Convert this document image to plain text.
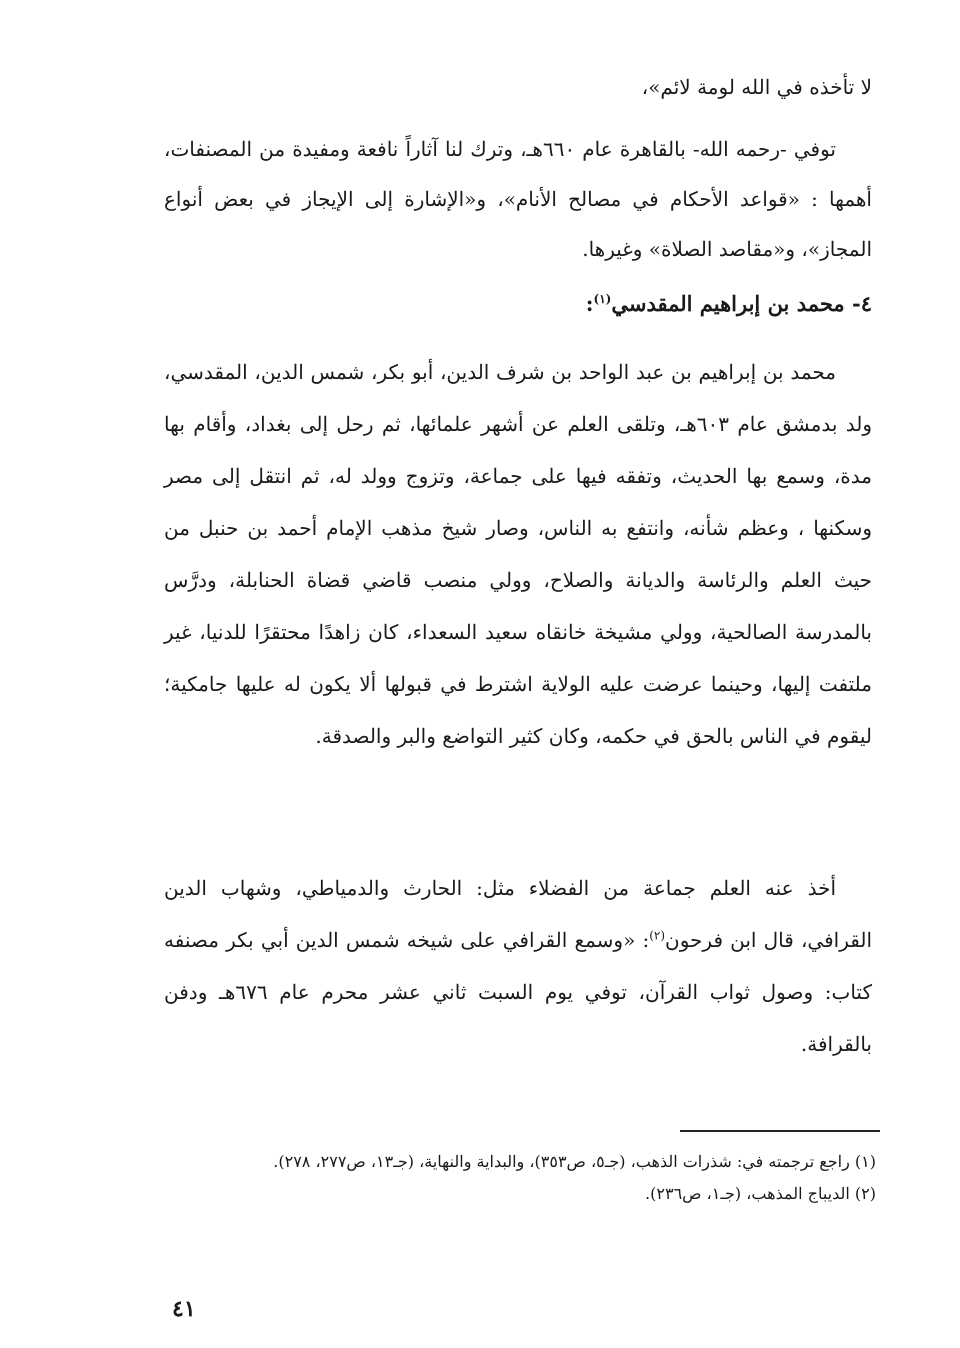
لا تأخذه في الله لومة لائم»،

توفي -رحمه الله- بالقاهرة عام ٦٦٠هـ، وترك لنا آثاراً نافعة ومفيدة من المصنفات، أهمها : «قواعد الأحكام في مصالح الأنام»، و«الإشارة إلى الإيجاز في بعض أنواع المجاز»، و«مقاصد الصلاة» وغيرها.

٤- محمد بن إبراهيم المقدسي$^{(١)}$:

محمد بن إبراهيم بن عبد الواحد بن شرف الدين، أبو بكر، شمس الدين، المقدسي، ولد بدمشق عام ٦٠٣هـ، وتلقى العلم عن أشهر علمائها، ثم رحل إلى بغداد، وأقام بها مدة، وسمع بها الحديث، وتفقه فيها على جماعة، وتزوج وولد له، ثم انتقل إلى مصر وسكنها ، وعظم شأنه، وانتفع به الناس، وصار شيخ مذهب الإمام أحمد بن حنبل من حيث العلم والرئاسة والديانة والصلاح، وولي منصب قاضي قضاة الحنابلة، ودرَّس بالمدرسة الصالحية، وولي مشيخة خانقاه سعيد السعداء، كان زاهدًا محتقرًا للدنيا، غير ملتفت إليها، وحينما عرضت عليه الولاية اشترط في قبولها ألا يكون له عليها جامكية؛ ليقوم في الناس بالحق في حكمه، وكان كثير التواضع والبر والصدقة.

أخذ عنه العلم جماعة من الفضلاء مثل: الحارث والدمياطي، وشهاب الدين القرافي، قال ابن فرحون$^{(٢)}$: «وسمع القرافي على شيخه شمس الدين أبي بكر مصنفه كتاب: وصول ثواب القرآن، توفي يوم السبت ثاني عشر محرم عام ٦٧٦هـ ودفن بالقرافة.

(١) راجع ترجمته في: شذرات الذهب، (جـ٥، ص٣٥٣)، والبداية والنهاية، (جـ١٣، ص٢٧٧، ٢٧٨).

(٢) الديباج المذهب، (جـ١، ص٢٣٦).

٤١
